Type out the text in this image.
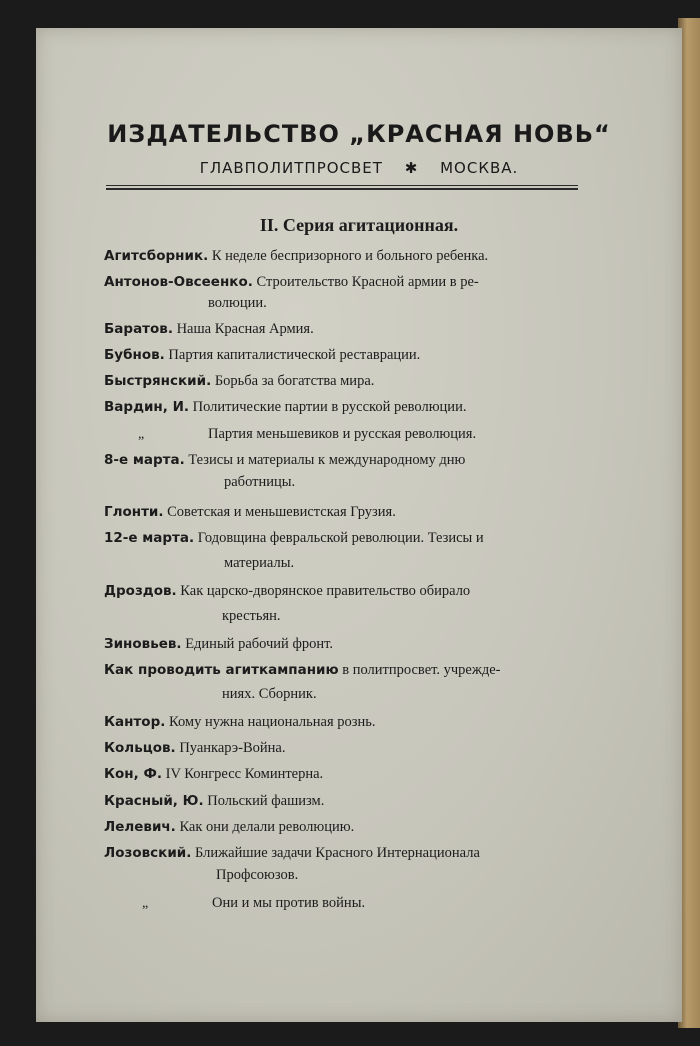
ИЗДАТЕЛЬСТВО „КРАСНАЯ НОВЬ“
ГЛАВПОЛИТПРОСВЕТ ✱ МОСКВА.
II. Серия агитационная.
Агитсборник. К неделе беспризорного и больного ребенка.
Антонов-Овсеенко. Строительство Красной армии в ре-
волюции.
Баратов. Наша Красная Армия.
Бубнов. Партия капиталистической реставрации.
Быстрянский. Борьба за богатства мира.
Вардин, И. Политические партии в русской революции.
„	Партия меньшевиков и русская революция.
8-е марта. Тезисы и материалы к международному дню
работницы.
Глонти. Советская и меньшевистская Грузия.
12-е марта. Годовщина февральской революции. Тезисы и
материалы.
Дроздов. Как царско-дворянское правительство обирало
крестьян.
Зиновьев. Единый рабочий фронт.
Как проводить агиткампанию в политпросвет. учрежде-
ниях. Сборник.
Кантор. Кому нужна национальная рознь.
Кольцов. Пуанкарэ-Война.
Кон, Ф. IV Конгресс Коминтерна.
Красный, Ю. Польский фашизм.
Лелевич. Как они делали революцию.
Лозовский. Ближайшие задачи Красного Интернационала
Профсоюзов.
„	Они и мы против войны.
